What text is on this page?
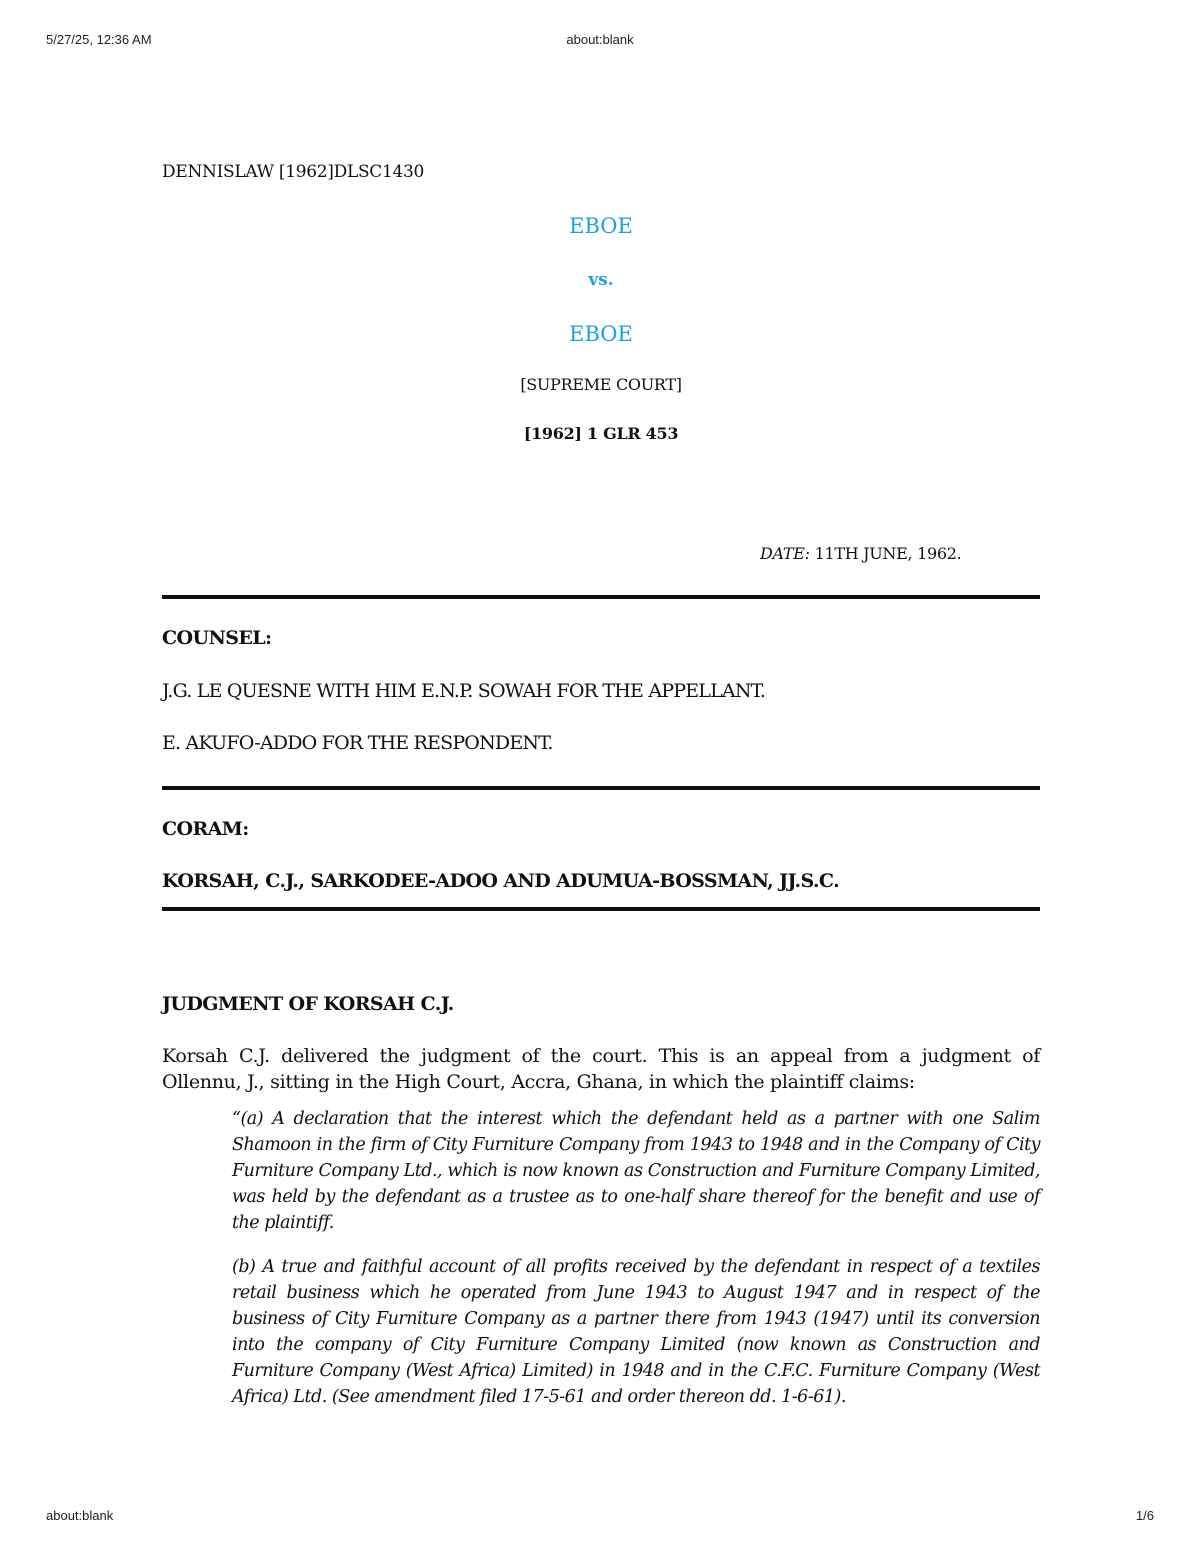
5/27/25, 12:36 AM	about:blank
DENNISLAW [1962]DLSC1430
EBOE
vs.
EBOE
[SUPREME COURT]
[1962] 1 GLR 453
DATE: 11TH JUNE, 1962.
COUNSEL:
J.G. LE QUESNE WITH HIM E.N.P. SOWAH FOR THE APPELLANT.
E. AKUFO-ADDO FOR THE RESPONDENT.
CORAM:
KORSAH, C.J., SARKODEE-ADOO AND ADUMUA-BOSSMAN, JJ.S.C.
JUDGMENT OF KORSAH C.J.

Korsah C.J. delivered the judgment of the court. This is an appeal from a judgment of Ollennu, J., sitting in the High Court, Accra, Ghana, in which the plaintiff claims:

“(a) A declaration that the interest which the defendant held as a partner with one Salim Shamoon in the firm of City Furniture Company from 1943 to 1948 and in the Company of City Furniture Company Ltd., which is now known as Construction and Furniture Company Limited, was held by the defendant as a trustee as to one-half share thereof for the benefit and use of the plaintiff.

(b) A true and faithful account of all profits received by the defendant in respect of a textiles retail business which he operated from June 1943 to August 1947 and in respect of the business of City Furniture Company as a partner there from 1943 (1947) until its conversion into the company of City Furniture Company Limited (now known as Construction and Furniture Company (West Africa) Limited) in 1948 and in the C.F.C. Furniture Company (West Africa) Ltd. (See amendment filed 17-5-61 and order thereon dd. 1-6-61).

about:blank	1/6
